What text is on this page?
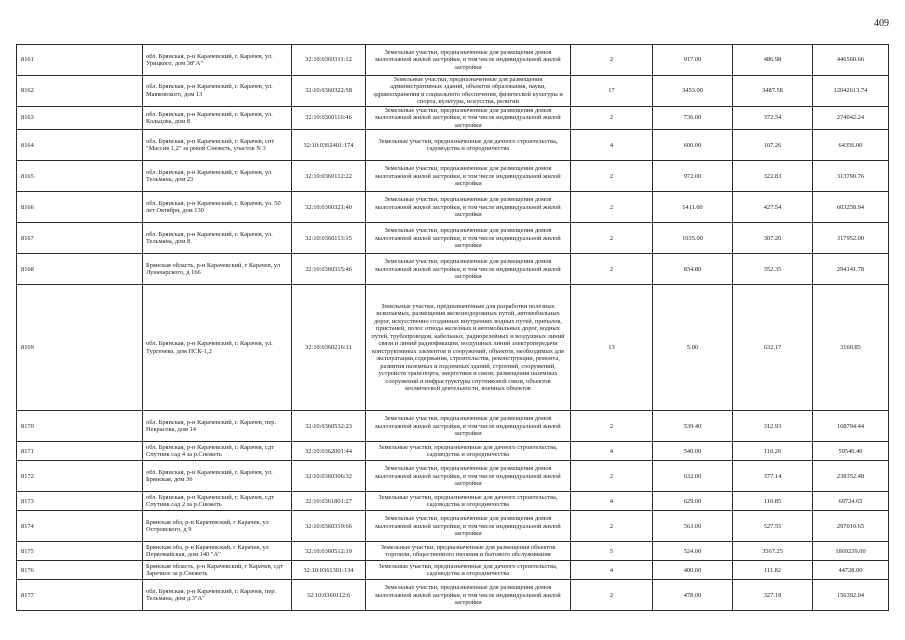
409
8161	обл. Брянская, р-н Карачевский, г. Карачев, ул. Урицкого, дом 38"А"	32:10:0360311:12	Земельные участки, предназначенные для размещения домов малоэтажной жилой застройки, в том числе индивидуальной жилой застройки	2	917.00	486.98	446560.66
8162	обл. Брянская, р-н Карачевский, г. Карачев, ул. Маяковского, дом 13	32:10:0360322:58	Земельные участки, предназначенные для размещения административных зданий, объектов образования, науки, здравоохранения и социального обеспечения, физической культуры и спорта, культуры, искусства, религии	17	3453.00	3487.58	12042613.74
8163	обл. Брянская, р-н Карачевский, г. Карачев, ул. Кольцова, дом 8	32:10:0360116:46	Земельные участки, предназначенные для размещения домов малоэтажной жилой застройки, в том числе индивидуальной жилой застройки	2	736.00	372.34	274042.24
8164	обл. Брянская, р-н Карачевский, г. Карачев, снт "Массив 1,2" за рекой Снежеть, участок N 3	32:10:0362401:174	Земельные участки, предназначенные для дачного строительства, садоводства и огородничества	4	600.00	107.26	64356.00
8165	обл. Брянская, р-н Карачевский, г. Карачев, ул. Тельмана, дом 23	32:10:0360112:22	Земельные участки, предназначенные для размещения домов малоэтажной жилой застройки, в том числе индивидуальной жилой застройки	2	972.00	322.83	313790.76
8166	обл. Брянская, р-н Карачевский, г. Карачев, ул. 50 лет Октября, дом 130	32:10:0360321:40	Земельные участки, предназначенные для размещения домов малоэтажной жилой застройки, в том числе индивидуальной жилой застройки	2	1411.00	427.54	603258.94
8167	обл. Брянская, р-н Карачевский, г. Карачев, ул. Тельмана, дом 8	32:10:0360113:15	Земельные участки, предназначенные для размещения домов малоэтажной жилой застройки, в том числе индивидуальной жилой застройки	2	1035.00	307.20	317952.00
8168	Брянская область, р-н Карачевский, г Карачев, ул Луначарского, д 166	32:10:0360315:46	Земельные участки, предназначенные для размещения домов малоэтажной жилой застройки, в том числе индивидуальной жилой застройки	2	834.80	352.35	294141.78
8169	обл. Брянская, р-н Карачевский, г. Карачев, ул. Тургенева, дом ПСК-1,2	32:10:0360216:11	Земельные участки, предназначенные для разработки полезных ископаемых, размещения железнодорожных путей, автомобильных дорог, искусственно созданных внутренних водных путей, причалов, пристаней, полос отвода железных и автомобильных дорог, водных путей, трубопроводов, кабельных, радиорелейных и воздушных линий связи и линий радиофикации, воздушных линий электропередачи конструктивных элементов и сооружений, объектов, необходимых для эксплуатации,содержания, строительства, реконструкции, ремонта, развития наземных и подземных зданий, строений, сооружений, устройств транспорта, энергетики и связи; размещения наземных сооружений и инфраструктуры спутниковой связи, объектов космической деятельности, военных объектов	13	5.00	632.17	3160.85
8170	обл. Брянская, р-н Карачевский, г. Карачев, пер. Некрасова, дом 14	32:10:0360532:23	Земельные участки, предназначенные для размещения домов малоэтажной жилой застройки, в том числе индивидуальной жилой застройки	2	539.40	312.93	168794.44
8171	обл. Брянская, р-н Карачевский, г. Карачев, сдт Спутник сад 4 за р.Снежеть	32:10:0362001:44	Земельные участки, предназначенные для дачного строительства, садоводства и огородничества	4	540.00	110.26	59540.40
8172	обл. Брянская, р-н Карачевский, г. Карачев, ул. Брянская, дом 36	32:10:0360306:32	Земельные участки, предназначенные для размещения домов малоэтажной жилой застройки, в том числе индивидуальной жилой застройки	2	632.00	377.14	238352.48
8173	обл. Брянская, р-н Карачевский, г. Карачев, сдт Спутник сад 2 за р.Снежеть	32:10:0361801:27	Земельные участки, предназначенные для дачного строительства, садоводства и огородничества	4	629.00	110.85	69724.65
8174	Брянская обл, р-н Карачевский, г Карачев, ул Островского, д 9	32:10:0360319:66	Земельные участки, предназначенные для размещения домов малоэтажной жилой застройки, в том числе индивидуальной жилой застройки	2	563.00	527.55	297010.65
8175	Брянская обл, р-н Карачевский, г Карачев, ул Первомайская, дом 140 "А"	32:10:0360512:19	Земельные участки, предназначенные для размещения объектов торговли, общественного питания и бытового обслуживания	5	524.00	3567.25	1869239.00
8176	Брянская область, р-н Карачевский, г Карачев, сдт Заречное за р.Снежеть	32:10:0361301:134	Земельные участки, предназначенные для дачного строительства, садоводства и огородничества	4	400.00	111.82	44728.00
8177	обл. Брянская, р-н Карачевский, г. Карачев, пер. Тельмана, дом д.3"А"	32:10:0360112:6	Земельные участки, предназначенные для размещения домов малоэтажной жилой застройки, в том числе индивидуальной жилой застройки	2	478.00	327.18	156392.04
